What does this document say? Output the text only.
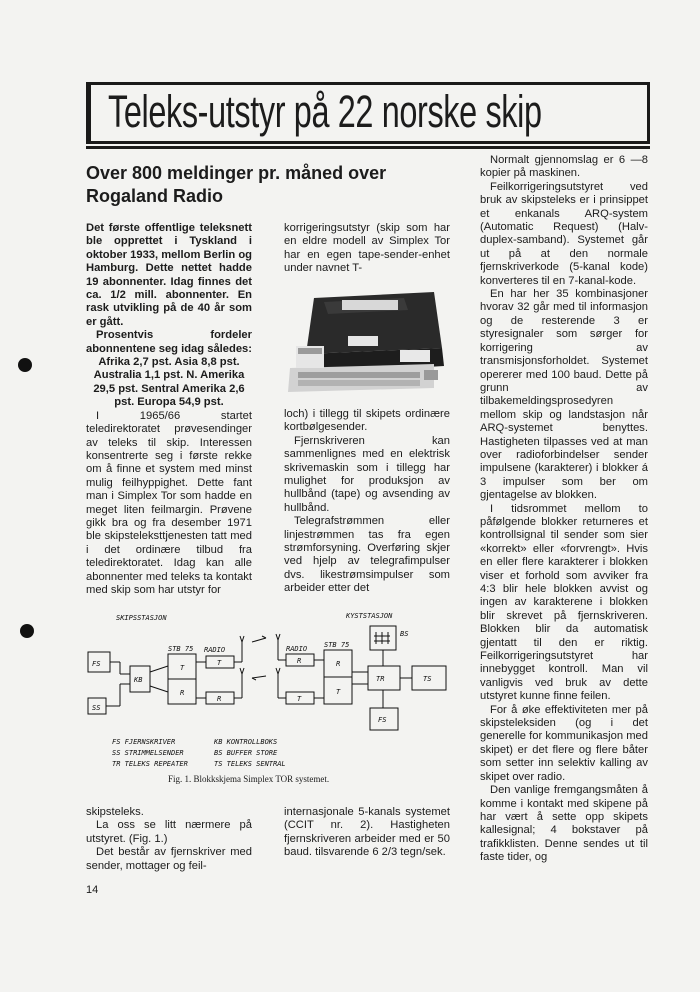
Teleks-utstyr på 22 norske skip
Over 800 meldinger pr. måned over Rogaland Radio

Det første offentlige teleksnett ble opprettet i Tyskland i oktober 1933, mellom Berlin og Hamburg. Dette nettet hadde 19 abonnenter. Idag finnes det ca. 1/2 mill. abonnenter. En rask utvikling på de 40 år som er gått.

Prosentvis fordeler abonnentene seg idag således:

Afrika 2,7 pst. Asia 8,8 pst. Australia 1,1 pst. N. Amerika 29,5 pst. Sentral Amerika 2,6 pst. Europa 54,9 pst.

I 1965/66 startet teledirektoratet prøvesendinger av teleks til skip. Interessen konsentrerte seg i første rekke om å finne et system med minst mulig feilhyppighet. Dette fant man i Simplex Tor som hadde en meget liten feilmargin. Prøvene gikk bra og fra desember 1971 ble skipsteleksttjenesten tatt med i det ordinære tilbud fra teledirektoratet. Idag kan alle abonnenter med teleks ta kontakt med skip som har utstyr for

korrigeringsutstyr (skip som har en eldre modell av Simplex Tor har en egen tape-sender-enhet under navnet T-

loch) i tillegg til skipets ordinære kortbølgesender.

Fjernskriveren kan sammenlignes med en elektrisk skrivemaskin som i tillegg har mulighet for produksjon av hullbånd (tape) og avsending av hullbånd.

Telegrafstrømmen eller linjestrømmen tas fra egen strømforsyning. Overføring skjer ved hjelp av telegrafimpulser dvs. likestrømsimpulser som arbeider etter det

Normalt gjennomslag er 6 —8 kopier på maskinen.

Feilkorrigeringsutstyret ved bruk av skipsteleks er i prinsippet et enkanals ARQ-system (Automatic Request) (Halv-duplex-samband). Systemet går ut på at den normale fjernskriverkode (5-kanal kode) konverteres til en 7-kanal-kode.

En har her 35 kombinasjoner hvorav 32 går med til informasjon og de resterende 3 er styresignaler som sørger for korrigering av transmisjonsforholdet. Systemet opererer med 100 baud. Dette på grunn av tilbakemeldingsprosedyren mellom skip og landstasjon når ARQ-systemet benyttes. Hastigheten tilpasses ved at man over radioforbindelser sender impulsene (karakterer) i blokker á 3 impulser som ber om gjentagelse av blokken.

I tidsrommet mellom to påfølgende blokker returneres et kontrollsignal til sender som sier «korrekt» eller «forvrengt». Hvis en eller flere karakterer i blokken viser et forhold som avviker fra 4:3 blir hele blokken avvist og ingen av karakterene i blokken blir skrevet på fjernskriveren. Blokken blir da automatisk gjentatt til den er riktig. Feilkorrigeringsutstyret har innebygget kontroll. Man vil vanligvis ved bruk av dette utstyret kunne finne feilen.

For å øke effektiviteten mer på skipsteleksiden (og i det generelle for kommunikasjon med skipet) er det flere og flere båter som setter inn selektiv kalling av skipet over radio.

Den vanlige fremgangsmåten å komme i kontakt med skipene på har vært å sette opp skipets kallesignal; 4 bokstaver på trafikklisten. Denne sendes ut til faste tider, og

SKIPSSTASJON	KYSTSTASJON
STB 75 RADIO	RADIO STB 75
FS
KB
T
R
T
R
R
T
R
T
SS
BS
TR	TS
FS
FS FJERNSKRIVER	KB KONTROLLBOKS
SS STRIMMELSENDER	BS BUFFER STORE
TR TELEKS REPEATER	TS TELEKS SENTRAL
Fig. 1. Blokkskjema Simplex TOR systemet.

skipsteleks.

La oss se litt nærmere på utstyret. (Fig. 1.)

Det består av fjernskriver med sender, mottager og feil-

internasjonale 5-kanals systemet (CCIT nr. 2). Hastigheten fjernskriveren arbeider med er 50 baud. tilsvarende 6 2/3 tegn/sek.

14
